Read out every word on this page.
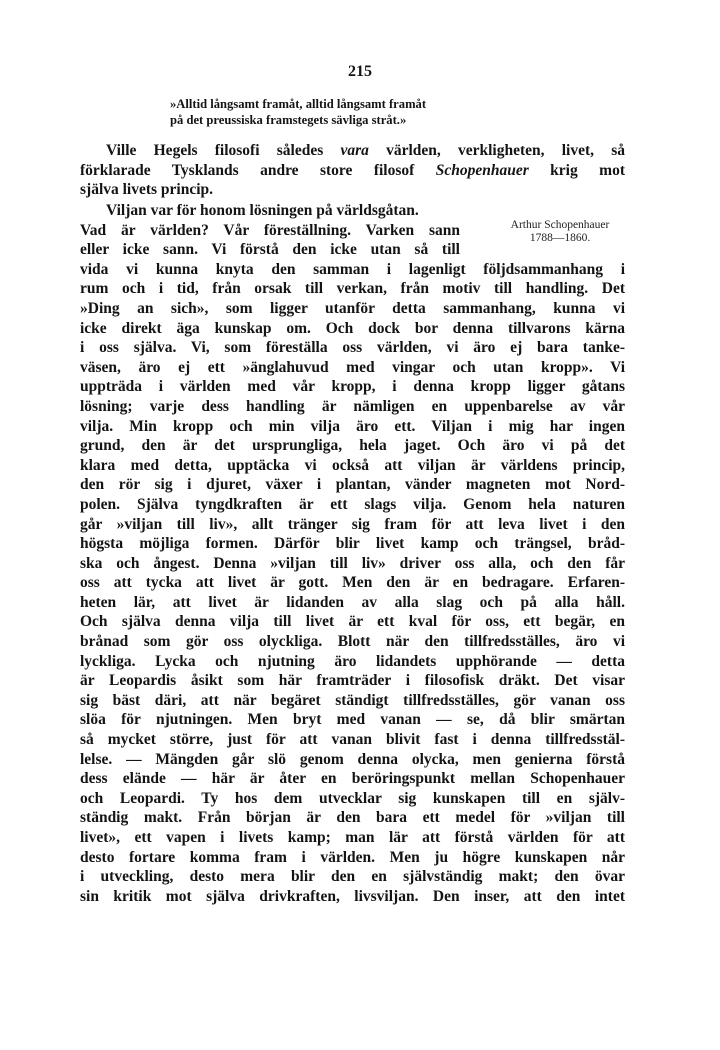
215
»Alltid långsamt framåt, alltid långsamt framåt
på det preussiska framstegets sävliga stråt.»
Ville Hegels filosofi således vara världen, verkligheten, livet, så
förklarade Tysklands andre store filosof Schopenhauer krig mot
själva livets princip.
Viljan var för honom lösningen på världsgåtan.
Vad är världen? Vår föreställning. Varken sann
eller icke sann. Vi förstå den icke utan så till
vida vi kunna knyta den samman i lagenligt följdsammanhang i
rum och i tid, från orsak till verkan, från motiv till handling. Det
»Ding an sich», som ligger utanför detta sammanhang, kunna vi
icke direkt äga kunskap om. Och dock bor denna tillvarons kärna
i oss själva. Vi, som föreställa oss världen, vi äro ej bara tanke-
väsen, äro ej ett »änglahuvud med vingar och utan kropp». Vi
uppträda i världen med vår kropp, i denna kropp ligger gåtans
lösning; varje dess handling är nämligen en uppenbarelse av vår
vilja. Min kropp och min vilja äro ett. Viljan i mig har ingen
grund, den är det ursprungliga, hela jaget. Och äro vi på det
klara med detta, upptäcka vi också att viljan är världens princip,
den rör sig i djuret, växer i plantan, vänder magneten mot Nord-
polen. Själva tyngdkraften är ett slags vilja. Genom hela naturen
går »viljan till liv», allt tränger sig fram för att leva livet i den
högsta möjliga formen. Därför blir livet kamp och trängsel, bråd-
ska och ångest. Denna »viljan till liv» driver oss alla, och den får
oss att tycka att livet är gott. Men den är en bedragare. Erfaren-
heten lär, att livet är lidanden av alla slag och på alla håll.
Och själva denna vilja till livet är ett kval för oss, ett begär, en
brånad som gör oss olyckliga. Blott när den tillfredsställes, äro vi
lyckliga. Lycka och njutning äro lidandets upphörande — detta
är Leopardis åsikt som här framträder i filosofisk dräkt. Det visar
sig bäst däri, att när begäret ständigt tillfredsställes, gör vanan oss
slöa för njutningen. Men bryt med vanan — se, då blir smärtan
så mycket större, just för att vanan blivit fast i denna tillfredsstäl-
lelse. — Mängden går slö genom denna olycka, men genierna förstå
dess elände — här är åter en beröringspunkt mellan Schopenhauer
och Leopardi. Ty hos dem utvecklar sig kunskapen till en själv-
ständig makt. Från början är den bara ett medel för »viljan till
livet», ett vapen i livets kamp; man lär att förstå världen för att
desto fortare komma fram i världen. Men ju högre kunskapen når
i utveckling, desto mera blir den en självständig makt; den övar
sin kritik mot själva drivkraften, livsviljan. Den inser, att den intet
Arthur Schopenhauer
1788—1860.
